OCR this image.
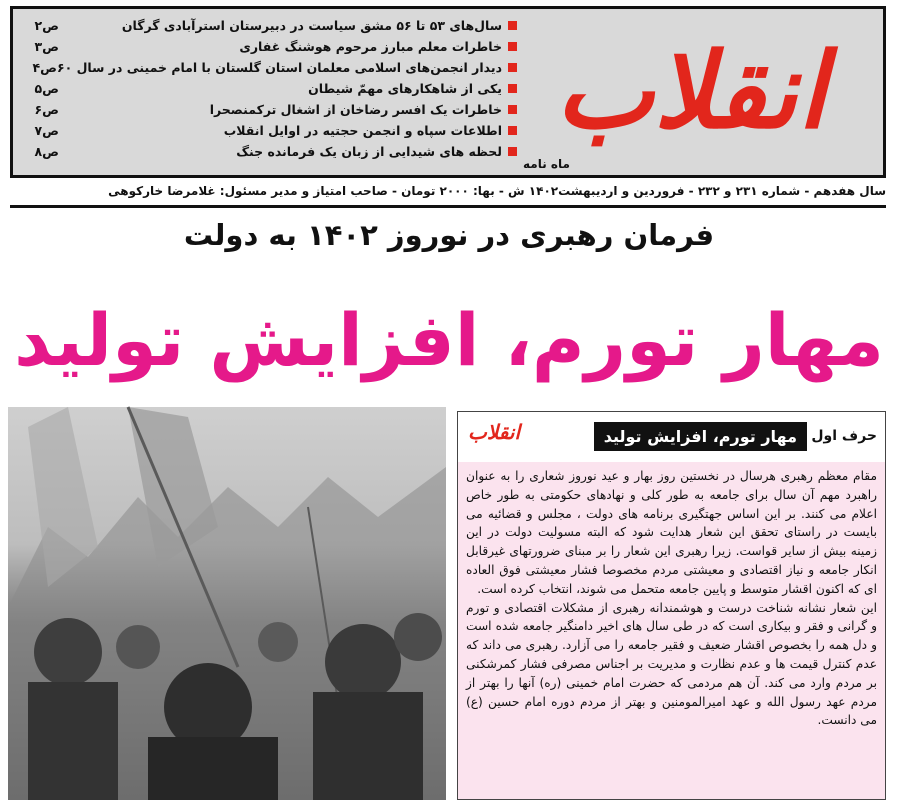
سال‌های ۵۳ تا ۵۶ مشق سیاست در دبیرستان استرآبادی گرگان
ص۲
خاطرات معلم مبارز مرحوم هوشنگ غفاری
ص۳
دیدار انجمن‌های اسلامی معلمان استان گلستان با امام خمینی در سال ۶۰
ص۴
یکی از شاهکارهای مهمّ شیطان
ص۵
خاطرات یک افسر رضاخان از اشغال ترکمنصحرا
ص۶
اطلاعات سپاه و انجمن حجتیه در اوایل انقلاب
ص۷
لحظه های شیدایی از زبان یک فرمانده جنگ
ص۸	انقلاب
ماه نامه
سال هفدهم - شماره ۲۳۱ و ۲۳۲ - فروردین و اردیبهشت۱۴۰۲ ش - بها: ۲۰۰۰ تومان - صاحب امتیاز و مدیر مسئول: غلامرضا خارکوهی
فرمان رهبری در نوروز ۱۴۰۲ به دولت
مهار تورم، افزایش تولید
حرف اول
مهار تورم، افزایش تولید
انقلاب

مقام معظم رهبری هرسال در نخستین روز بهار و عید نوروز شعاری را به عنوان راهبرد مهم آن سال برای جامعه به طور کلی و نهادهای حکومتی به طور خاص اعلام می کنند. بر این اساس جهتگیری برنامه های دولت ، مجلس و قضائیه می بایست در راستای تحقق این شعار هدایت شود که البته مسولیت دولت در این زمینه بیش از سایر قواست. زیرا رهبری این شعار را بر مبنای ضرورتهای غیرقابل انکار جامعه و نیاز اقتصادی و معیشتی مردم مخصوصا فشار معیشتی فوق العاده ای که اکنون اقشار متوسط و پایین جامعه متحمل می شوند، انتخاب کرده است.

این شعار نشانه شناخت درست و هوشمندانه رهبری از مشکلات اقتصادی و تورم و گرانی و فقر و بیکاری است که در طی سال های اخیر دامنگیر جامعه شده است و دل همه را بخصوص اقشار ضعیف و فقیر جامعه را می آزارد. رهبری می داند که عدم کنترل قیمت ها و عدم نظارت و مدیریت بر اجناس مصرفی فشار کمرشکنی بر مردم وارد می کند. آن هم مردمی که حضرت امام خمینی (ره) آنها را بهتر از مردم عهد رسول الله و عهد امیرالمومنین و بهتر از مردم دوره امام حسین (ع) می دانست.
